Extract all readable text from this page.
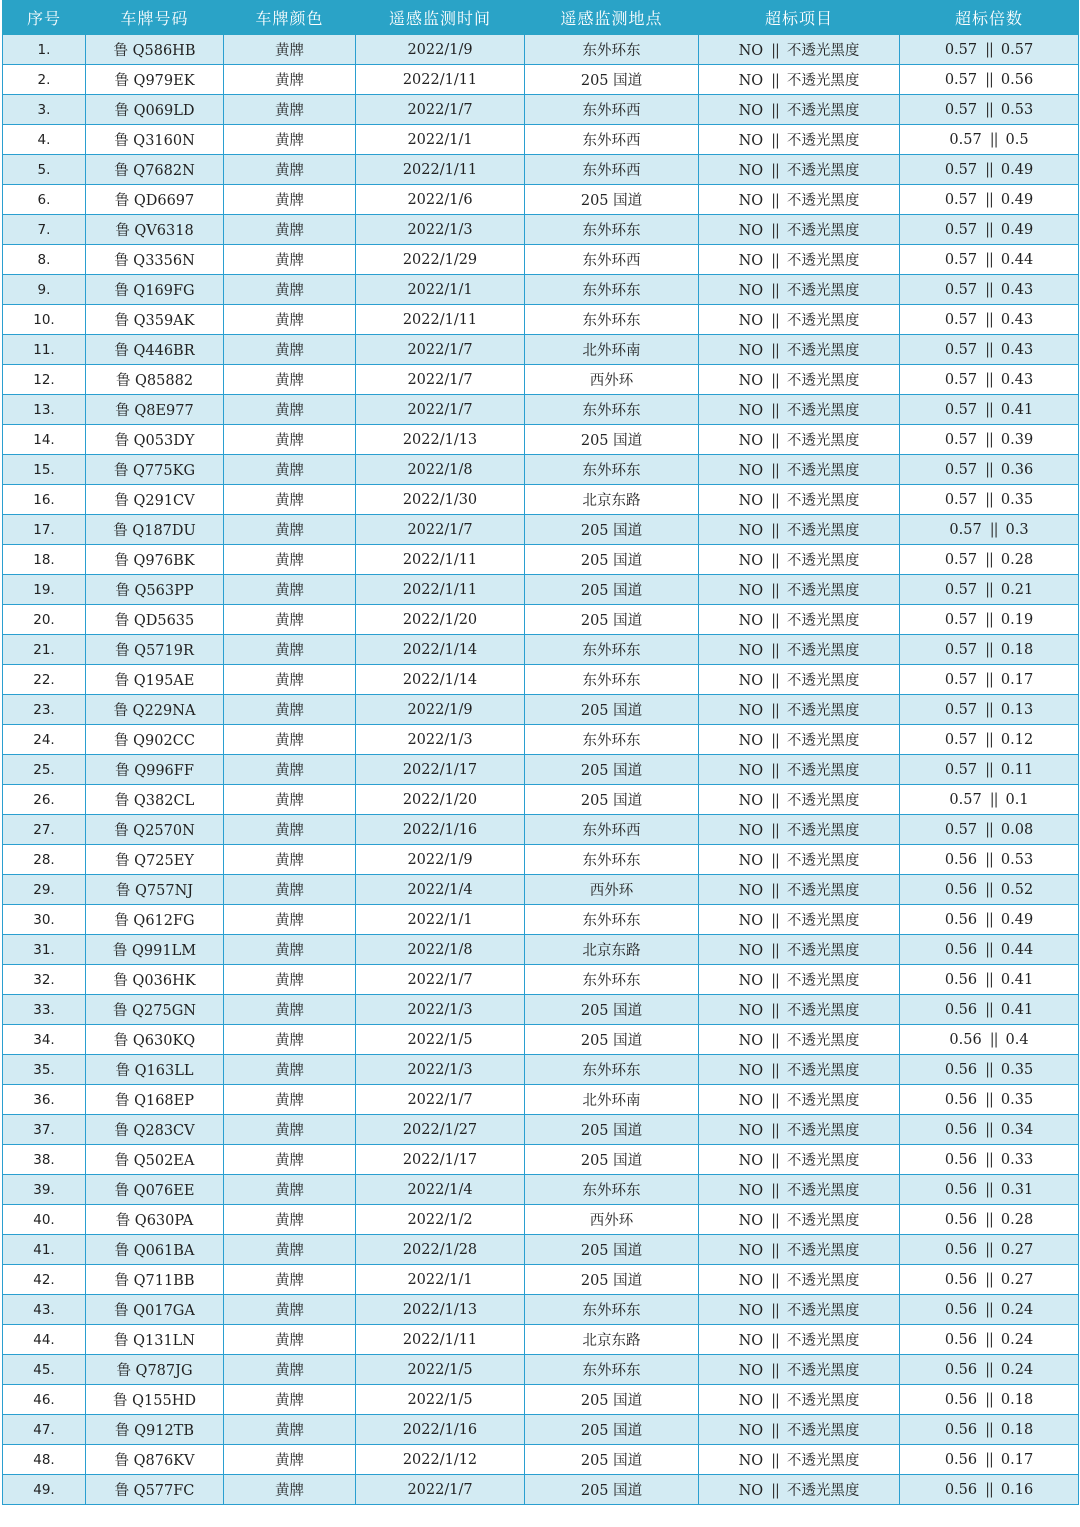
序号	车牌号码	车牌颜色	遥感监测时间	遥感监测地点	超标项目	超标倍数
1.	鲁 Q586HB	黄牌	2022/1/9	东外环东	NO || 不透光黑度	0.57 || 0.57
2.	鲁 Q979EK	黄牌	2022/1/11	205 国道	NO || 不透光黑度	0.57 || 0.56
3.	鲁 Q069LD	黄牌	2022/1/7	东外环西	NO || 不透光黑度	0.57 || 0.53
4.	鲁 Q3160N	黄牌	2022/1/1	东外环西	NO || 不透光黑度	0.57 || 0.5
5.	鲁 Q7682N	黄牌	2022/1/11	东外环西	NO || 不透光黑度	0.57 || 0.49
6.	鲁 QD6697	黄牌	2022/1/6	205 国道	NO || 不透光黑度	0.57 || 0.49
7.	鲁 QV6318	黄牌	2022/1/3	东外环东	NO || 不透光黑度	0.57 || 0.49
8.	鲁 Q3356N	黄牌	2022/1/29	东外环西	NO || 不透光黑度	0.57 || 0.44
9.	鲁 Q169FG	黄牌	2022/1/1	东外环东	NO || 不透光黑度	0.57 || 0.43
10.	鲁 Q359AK	黄牌	2022/1/11	东外环东	NO || 不透光黑度	0.57 || 0.43
11.	鲁 Q446BR	黄牌	2022/1/7	北外环南	NO || 不透光黑度	0.57 || 0.43
12.	鲁 Q85882	黄牌	2022/1/7	西外环	NO || 不透光黑度	0.57 || 0.43
13.	鲁 Q8E977	黄牌	2022/1/7	东外环东	NO || 不透光黑度	0.57 || 0.41
14.	鲁 Q053DY	黄牌	2022/1/13	205 国道	NO || 不透光黑度	0.57 || 0.39
15.	鲁 Q775KG	黄牌	2022/1/8	东外环东	NO || 不透光黑度	0.57 || 0.36
16.	鲁 Q291CV	黄牌	2022/1/30	北京东路	NO || 不透光黑度	0.57 || 0.35
17.	鲁 Q187DU	黄牌	2022/1/7	205 国道	NO || 不透光黑度	0.57 || 0.3
18.	鲁 Q976BK	黄牌	2022/1/11	205 国道	NO || 不透光黑度	0.57 || 0.28
19.	鲁 Q563PP	黄牌	2022/1/11	205 国道	NO || 不透光黑度	0.57 || 0.21
20.	鲁 QD5635	黄牌	2022/1/20	205 国道	NO || 不透光黑度	0.57 || 0.19
21.	鲁 Q5719R	黄牌	2022/1/14	东外环东	NO || 不透光黑度	0.57 || 0.18
22.	鲁 Q195AE	黄牌	2022/1/14	东外环东	NO || 不透光黑度	0.57 || 0.17
23.	鲁 Q229NA	黄牌	2022/1/9	205 国道	NO || 不透光黑度	0.57 || 0.13
24.	鲁 Q902CC	黄牌	2022/1/3	东外环东	NO || 不透光黑度	0.57 || 0.12
25.	鲁 Q996FF	黄牌	2022/1/17	205 国道	NO || 不透光黑度	0.57 || 0.11
26.	鲁 Q382CL	黄牌	2022/1/20	205 国道	NO || 不透光黑度	0.57 || 0.1
27.	鲁 Q2570N	黄牌	2022/1/16	东外环西	NO || 不透光黑度	0.57 || 0.08
28.	鲁 Q725EY	黄牌	2022/1/9	东外环东	NO || 不透光黑度	0.56 || 0.53
29.	鲁 Q757NJ	黄牌	2022/1/4	西外环	NO || 不透光黑度	0.56 || 0.52
30.	鲁 Q612FG	黄牌	2022/1/1	东外环东	NO || 不透光黑度	0.56 || 0.49
31.	鲁 Q991LM	黄牌	2022/1/8	北京东路	NO || 不透光黑度	0.56 || 0.44
32.	鲁 Q036HK	黄牌	2022/1/7	东外环东	NO || 不透光黑度	0.56 || 0.41
33.	鲁 Q275GN	黄牌	2022/1/3	205 国道	NO || 不透光黑度	0.56 || 0.41
34.	鲁 Q630KQ	黄牌	2022/1/5	205 国道	NO || 不透光黑度	0.56 || 0.4
35.	鲁 Q163LL	黄牌	2022/1/3	东外环东	NO || 不透光黑度	0.56 || 0.35
36.	鲁 Q168EP	黄牌	2022/1/7	北外环南	NO || 不透光黑度	0.56 || 0.35
37.	鲁 Q283CV	黄牌	2022/1/27	205 国道	NO || 不透光黑度	0.56 || 0.34
38.	鲁 Q502EA	黄牌	2022/1/17	205 国道	NO || 不透光黑度	0.56 || 0.33
39.	鲁 Q076EE	黄牌	2022/1/4	东外环东	NO || 不透光黑度	0.56 || 0.31
40.	鲁 Q630PA	黄牌	2022/1/2	西外环	NO || 不透光黑度	0.56 || 0.28
41.	鲁 Q061BA	黄牌	2022/1/28	205 国道	NO || 不透光黑度	0.56 || 0.27
42.	鲁 Q711BB	黄牌	2022/1/1	205 国道	NO || 不透光黑度	0.56 || 0.27
43.	鲁 Q017GA	黄牌	2022/1/13	东外环东	NO || 不透光黑度	0.56 || 0.24
44.	鲁 Q131LN	黄牌	2022/1/11	北京东路	NO || 不透光黑度	0.56 || 0.24
45.	鲁 Q787JG	黄牌	2022/1/5	东外环东	NO || 不透光黑度	0.56 || 0.24
46.	鲁 Q155HD	黄牌	2022/1/5	205 国道	NO || 不透光黑度	0.56 || 0.18
47.	鲁 Q912TB	黄牌	2022/1/16	205 国道	NO || 不透光黑度	0.56 || 0.18
48.	鲁 Q876KV	黄牌	2022/1/12	205 国道	NO || 不透光黑度	0.56 || 0.17
49.	鲁 Q577FC	黄牌	2022/1/7	205 国道	NO || 不透光黑度	0.56 || 0.16
